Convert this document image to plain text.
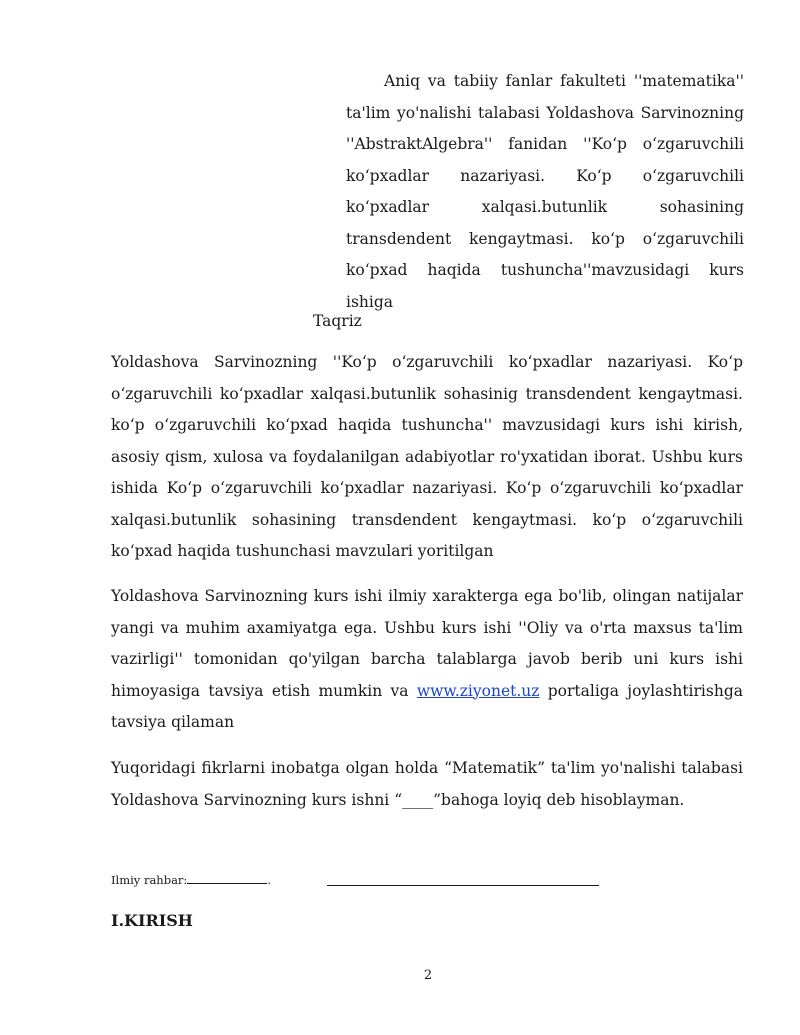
Aniq va tabiiy fanlar fakulteti ''matematika'' ta'lim yo'nalishi talabasi Yoldashova Sarvinozning ''AbstraktAlgebra'' fanidan ''Koʻp oʻzgaruvchili koʻpxadlar nazariyasi. Koʻp oʻzgaruvchili koʻpxadlar xalqasi.butunlik sohasining transdendent kengaytmasi. koʻp oʻzgaruvchili koʻpxad haqida tushuncha''mavzusidagi kurs ishiga
Taqriz

Yoldashova Sarvinozning ''Koʻp oʻzgaruvchili koʻpxadlar nazariyasi. Koʻp oʻzgaruvchili koʻpxadlar xalqasi.butunlik sohasinig transdendent kengaytmasi. koʻp oʻzgaruvchili koʻpxad haqida tushuncha'' mavzusidagi kurs ishi kirish, asosiy qism, xulosa va foydalanilgan adabiyotlar ro'yxatidan iborat. Ushbu kurs ishida Koʻp oʻzgaruvchili koʻpxadlar nazariyasi. Koʻp oʻzgaruvchili koʻpxadlar xalqasi.butunlik sohasining transdendent kengaytmasi. koʻp oʻzgaruvchili koʻpxad haqida tushunchasi mavzulari yoritilgan

Yoldashova Sarvinozning kurs ishi ilmiy xarakterga ega bo'lib, olingan natijalar yangi va muhim axamiyatga ega. Ushbu kurs ishi ''Oliy va o'rta maxsus ta'lim vazirligi'' tomonidan qo'yilgan barcha talablarga javob berib uni kurs ishi himoyasiga tavsiya etish mumkin va www.ziyonet.uz portaliga joylashtirishga tavsiya qilaman

Yuqoridagi fikrlarni inobatga olgan holda “Matematik” ta'lim yo'nalishi talabasi Yoldashova Sarvinozning kurs ishni “____”bahoga loyiq deb hisoblayman.

Ilmiy rahbar:	.
I.KIRISH
2
